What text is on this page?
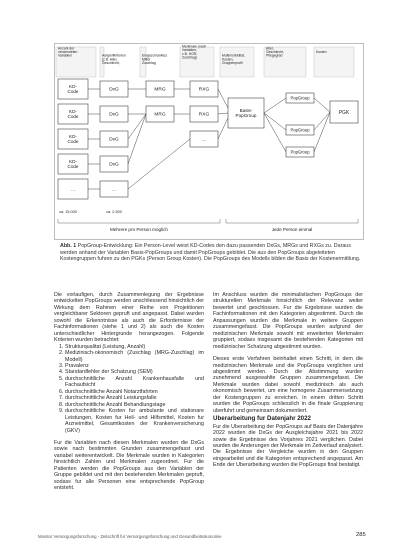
Anzahl der verwendeten Variablen	Aufgreifkriterien (z.B. Alter, Geschlecht,
Eingeschranktes Mittel Zuschlag
Merkmale (nach Variablen, z.B. HGR, Zuschlag)	Multimorbiditat, Kosten, Gruppenprofil
Alter, Geschlecht, Pflegegrad
Kosten
KD-Code	DxG
KD-Code	DxG
KD-Code	DxG
KD-Code	DxG
...	...
MRG	RXG
MRG	RXG
...
Basis-PopGroup
PopGroup
PopGroup
PopGroup
PGK
ca. 15.000	ca. 2.500
Mehrere pro Person moglich	Jede Person einmal
Abb. 1 PopGroup-Entwicklung: Ein Person-Level weist KD-Codes den dazu passenden DxGs, MRGs und RXGs zu. Daraus werden anhand der Variablen Basis-PopGroups und damit PopGroups gebildet. Die aus den PopGroups abgeleiteten Kostengruppen fuhren zu den PGKs (Person Group Kosten). Die PopGroups des Modells bilden die Basis der Kostenermittlung.

Die vorlaufigen, durch Zusammenlegung der Ergebnisse entwickelten PopGroups werden anschliessend hinsichtlich der Wirkung dem Rahmen einer Reihe von Projektionen vergleichbarer Sektoren gepruft und angepasst. Dabei wurden sowohl die Erkenntnisse als auch die Erfordernisse der Fachinformationen (siehe 1 und 2) als auch die Kosten unterschiedlicher Hintergrunde herangezogen. Folgende Kriterien wurden betrachtet:

1. Strukturqualitat (Leistung, Anzahl)
2. Medizinisch-okonomisch (Zuschlag (MRG-Zuschlag) im Modell)
3. Pravalenz
4. Standardfehler der Schatzung (SEM)
5. durchschnittliche Anzahl Krankenhausfalle und Fachaufsicht
6. durchschnittliche Anzahl Notarztfahrten
7. durchschnittliche Anzahl Leistungsfalle
8. durchschnittliche Anzahl Behandlungstage
9. durchschnittliche Kosten fur ambulante und stationare Leistungen, Kosten fur Heil- und Hilfsmittel, Kosten fur Arzneimittel, Gesamtkosten der Krankenversicherung (GKV)

Fur die Variablen nach diesen Merkmalen wurden die DxGs sowie nach bestimmten Grunden zusammengefasst und variabel weiterentwickelt. Die Merkmale wurden in Kategorien hinsichtlich Zahlen und Merkmalen zugeordnet. Fur die Patienten werden die PopGroups aus den Variablen der Gruppe gebildet und mit den bestehenden Merkmalen gepruft, sodass fur alle Personen eine entsprechende PopGroup entsteht.

Im Anschluss wurden die minimalistischen PopGroups der strukturellen Merkmale hinsichtlich der Relevanz weiter bewertet und geschlossen. Fur die Ergebnisse wurden die Fachinformationen mit den Kategorien abgestimmt. Durch die Anpassungen wurden die Merkmale in weitere Gruppen zusammengefasst. Die PopGroups wurden aufgrund der medizinischen Merkmale sowohl mit erweiterten Merkmalen gruppiert, sodass insgesamt die bestehenden Kategorien mit medizinischer Schatzung abgestimmt wurden.

Dieses erste Verfahren beinhaltet einen Schritt, in dem die medizinischen Merkmale und die PopGroups verglichen und abgestimmt werden. Durch die Abstimmung wurden zunehmend ausgewahlte Gruppen zusammengefasst. Die Merkmale wurden dabei sowohl medizinisch als auch okonomisch bewertet, um eine homogene Zusammensetzung der Kostengruppen zu erreichen. In einem dritten Schritt wurden die PopGroups schliesslich in die finale Gruppierung uberfuhrt und gemeinsam dokumentiert.

Uberarbeitung fur Datenjahr 2022

Fur die Uberarbeitung der PopGroups auf Basis der Datenjahre 2022 wurden die DxGs der Ausgleichsjahre 2021 bis 2022 sowie die Ergebnisse des Vorjahres 2021 verglichen. Dabei wurden die Anderungen der Merkmale im Zeitverlauf analysiert. Die Ergebnisse der Vergleiche wurden in den Gruppen eingearbeitet und die Kategorien entsprechend angepasst. Am Ende der Uberarbeitung wurden die PopGroups final bestatigt.

Monitor Versorgungsforschung - Zeitschrift fur Versorgungsforschung und Gesundheitsokonomie	285
